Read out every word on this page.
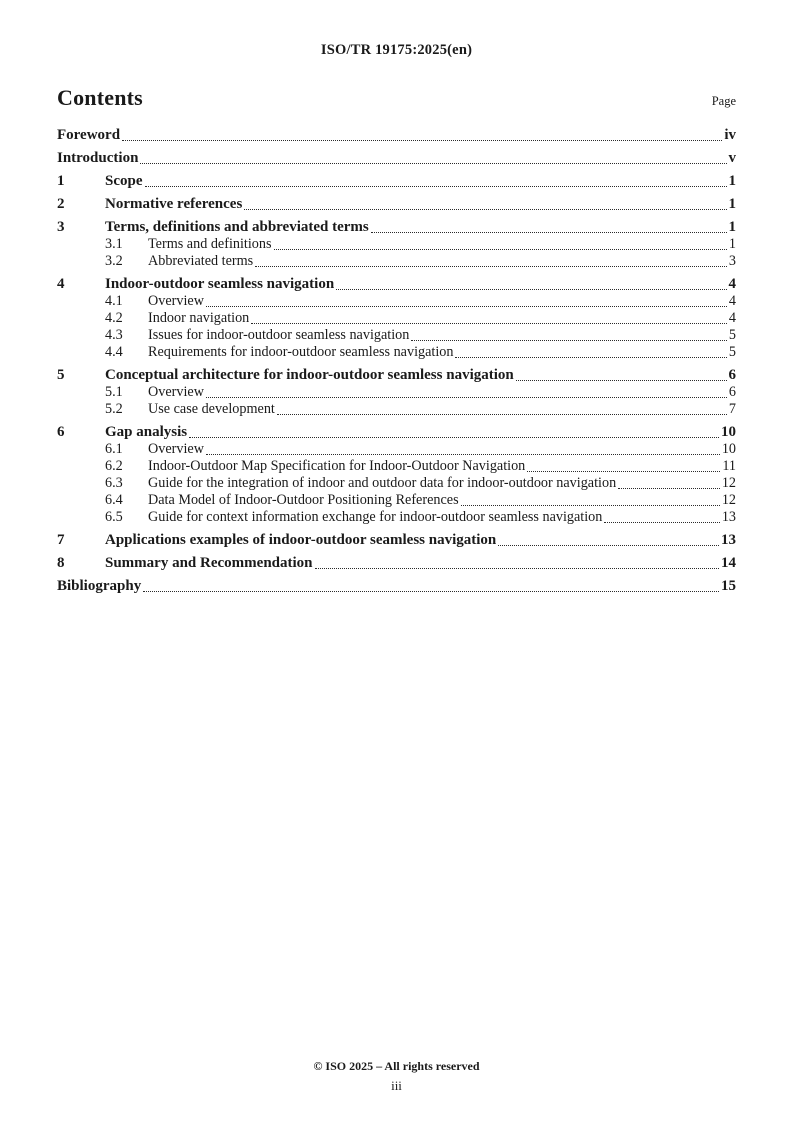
ISO/TR 19175:2025(en)
Contents	Page
Foreword	iv
Introduction	v
1	Scope	1
2	Normative references	1
3	Terms, definitions and abbreviated terms	1
3.1	Terms and definitions	1
3.2	Abbreviated terms	3
4	Indoor-outdoor seamless navigation	4
4.1	Overview	4
4.2	Indoor navigation	4
4.3	Issues for indoor-outdoor seamless navigation	5
4.4	Requirements for indoor-outdoor seamless navigation	5
5	Conceptual architecture for indoor-outdoor seamless navigation	6
5.1	Overview	6
5.2	Use case development	7
6	Gap analysis	10
6.1	Overview	10
6.2	Indoor-Outdoor Map Specification for Indoor-Outdoor Navigation	11
6.3	Guide for the integration of indoor and outdoor data for indoor-outdoor navigation	12
6.4	Data Model of Indoor-Outdoor Positioning References	12
6.5	Guide for context information exchange for indoor-outdoor seamless navigation	13
7	Applications examples of indoor-outdoor seamless navigation	13
8	Summary and Recommendation	14
Bibliography	15
© ISO 2025 – All rights reserved
iii
